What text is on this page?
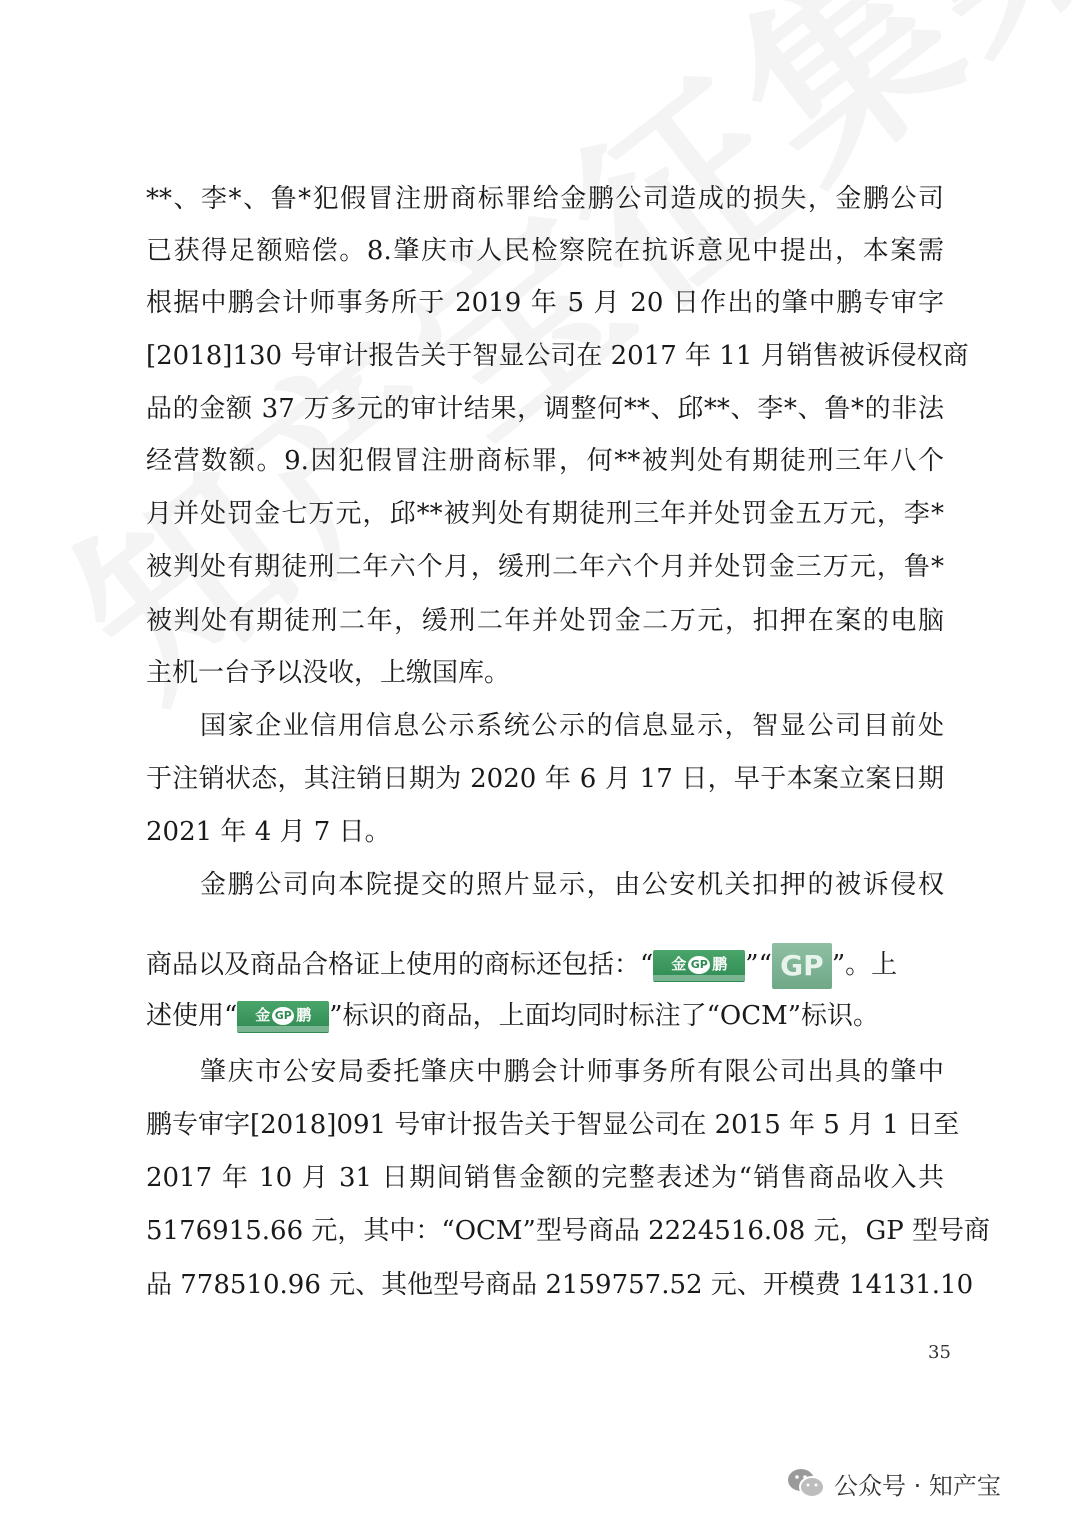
**、李*、鲁*犯假冒注册商标罪给金鹏公司造成的损失，金鹏公司
已获得足额赔偿。8.肇庆市人民检察院在抗诉意见中提出，本案需
根据中鹏会计师事务所于 2019 年 5 月 20 日作出的肇中鹏专审字
[2018]130 号审计报告关于智显公司在 2017 年 11 月销售被诉侵权商
品的金额 37 万多元的审计结果，调整何**、邱**、李*、鲁*的非法
经营数额。9.因犯假冒注册商标罪，何**被判处有期徒刑三年八个
月并处罚金七万元，邱**被判处有期徒刑三年并处罚金五万元，李*
被判处有期徒刑二年六个月，缓刑二年六个月并处罚金三万元，鲁*
被判处有期徒刑二年，缓刑二年并处罚金二万元，扣押在案的电脑
主机一台予以没收，上缴国库。
国家企业信用信息公示系统公示的信息显示，智显公司目前处
于注销状态，其注销日期为 2020 年 6 月 17 日，早于本案立案日期
2021 年 4 月 7 日。
金鹏公司向本院提交的照片显示，由公安机关扣押的被诉侵权
商品以及商品合格证上使用的商标还包括：“ 金 GP 鹏 ”“ GP ”。上
述使用“ 金 GP 鹏 ”标识的商品，上面均同时标注了“OCM”标识。
肇庆市公安局委托肇庆中鹏会计师事务所有限公司出具的肇中
鹏专审字[2018]091 号审计报告关于智显公司在 2015 年 5 月 1 日至
2017 年 10 月 31 日期间销售金额的完整表述为“销售商品收入共
5176915.66 元，其中：“OCM”型号商品 2224516.08 元，GP 型号商
品 778510.96 元、其他型号商品 2159757.52 元、开模费 14131.10
35
公众号 · 知产宝
